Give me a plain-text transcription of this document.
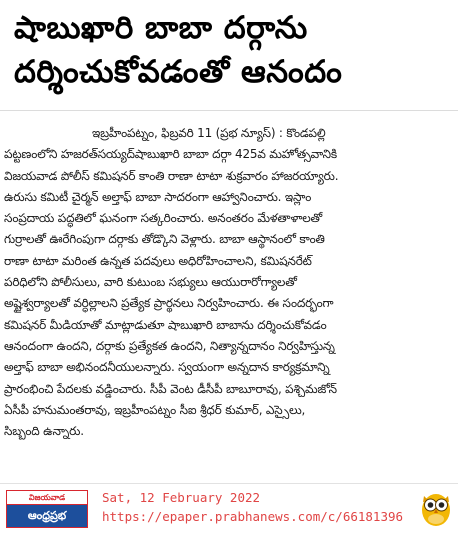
షాబుఖారి బాబా దర్గాను
దర్శించుకోవడంతో ఆనందం
ఇబ్రహీంపట్నం, ఫిబ్రవరి 11 (ప్రభ న్యూస్) : కొండపల్లి
పట్టణంలోని హజరత్‌సయ్యద్‌షాబుఖారి బాబా దర్గా 425వ మహోత్సవానికి
విజయవాడ పోలీస్ కమిషనర్ కాంతి రాణా టాటా శుక్రవారం హాజరయ్యారు.
ఉరుసు కమిటీ చైర్మన్ అల్తాఫ్ బాబా సాదరంగా ఆహ్వానించారు. ఇస్లాం
సంప్రదాయ పద్ధతిలో ఘనంగా సత్కరించారు. అనంతరం మేళతాళాలతో
గుర్రాలతో ఊరేగింపుగా దర్గాకు తోడ్కొని వెళ్లారు. బాబా ఆస్థానంలో కాంతి
రాణా టాటా మరింత ఉన్నత పదవులు అధిరోహించాలని, కమిషనరేట్
పరిధిలోని పోలీసులు, వారి కుటుంబ సభ్యులు ఆయురారోగ్యాలతో
అష్టైశ్వర్యాలతో వర్ధిల్లాలని ప్రత్యేక ప్రార్థనలు నిర్వహించారు. ఈ సందర్భంగా
కమిషనర్ మీడియాతో మాట్లాడుతూ షాబుఖారి బాబాను దర్శించుకోవడం
ఆనందంగా ఉందని, దర్గాకు ప్రత్యేకత ఉందని, నిత్యాన్నదానం నిర్వహిస్తున్న
అల్తాఫ్ బాబా అభినందనీయులన్నారు. స్వయంగా అన్నదాన కార్యక్రమాన్ని
ప్రారంభించి పేదలకు వడ్డించారు. సీపీ వెంట డీసీపీ బాబూరావు, పశ్చిమజోన్
ఏసీపీ హనుమంతరావు, ఇబ్రహీంపట్నం సీఐ శ్రీధర్ కుమార్, ఎస్సైలు,
సిబ్బంది ఉన్నారు.
విజయవాడ
ఆంధ్రప్రభ
Sat, 12 February 2022
https://epaper.prabhanews.com/c/66181396
